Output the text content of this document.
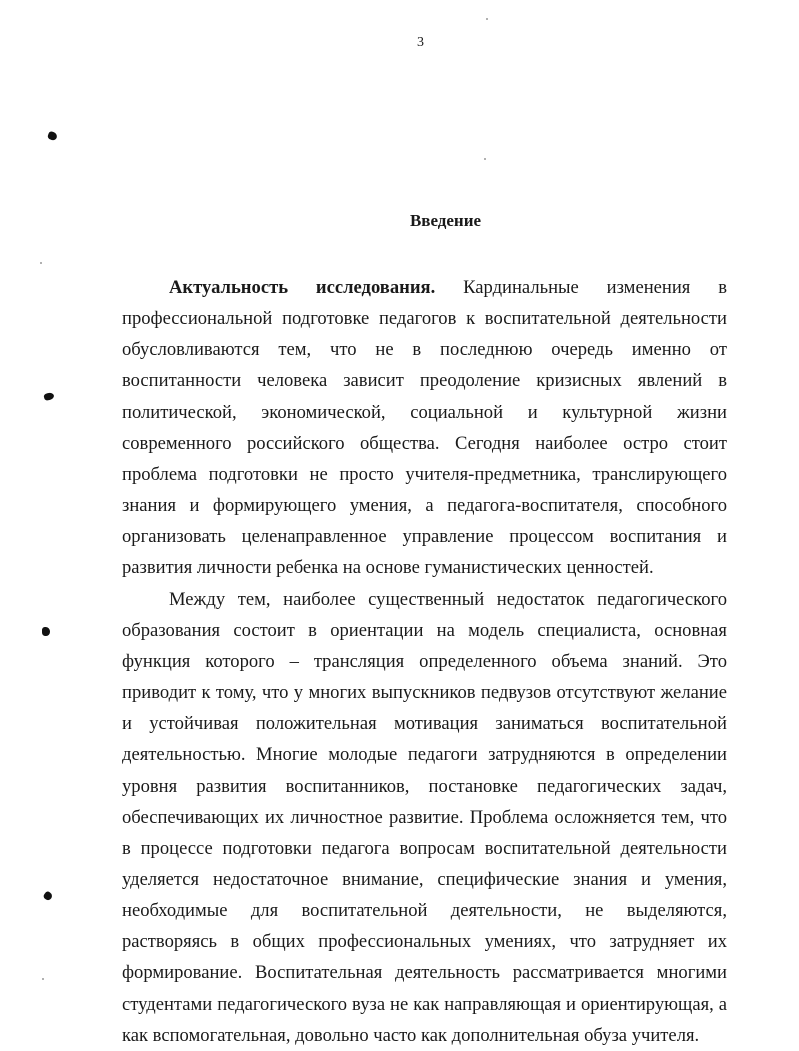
3
Введение

Актуальность исследования. Кардинальные изменения в профессиональной подготовке педагогов к воспитательной деятельности обусловливаются тем, что не в последнюю очередь именно от воспитанности человека зависит преодоление кризисных явлений в политической, экономической, социальной и культурной жизни современного российского общества. Сегодня наиболее остро стоит проблема подготовки не просто учителя-предметника, транслирующего знания и формирующего умения, а педагога-воспитателя, способного организовать целенаправленное управление процессом воспитания и развития личности ребенка на основе гуманистических ценностей.

Между тем, наиболее существенный недостаток педагогического образования состоит в ориентации на модель специалиста, основная функция которого – трансляция определенного объема знаний. Это приводит к тому, что у многих выпускников педвузов отсутствуют желание и устойчивая положительная мотивация заниматься воспитательной деятельностью. Многие молодые педагоги затрудняются в определении уровня развития воспитанников, постановке педагогических задач, обеспечивающих их личностное развитие. Проблема осложняется тем, что в процессе подготовки педагога вопросам воспитательной деятельности уделяется недостаточное внимание, специфические знания и умения, необходимые для воспитательной деятельности, не выделяются, растворяясь в общих профессиональных умениях, что затрудняет их формирование. Воспитательная деятельность рассматривается многими студентами педагогического вуза не как направляющая и ориентирующая, а как вспомогательная, довольно часто как дополнительная обуза учителя.
